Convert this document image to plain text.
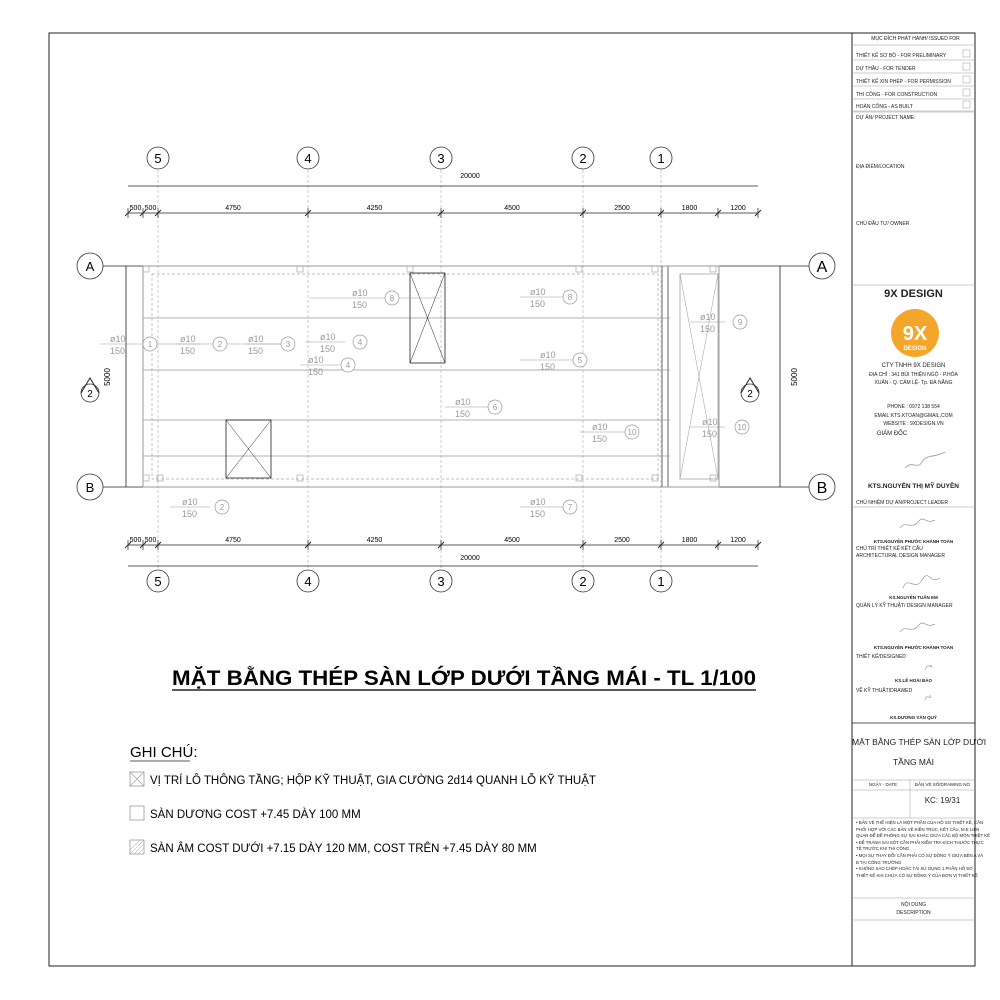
5	4	3	2	1
5	4	3	2	1
20000
500 500	4750	4250	4500	2500	1800	1200
500 500	4750	4250	4500	2500	1800	1200
20000
A	A
B	B
5000	5000
2	2
ø10
150
1
ø10
150
2
ø10
150
3
ø10
150
4
ø10
150
8
ø10
150
4
ø10
150
6
ø10
150
5
ø10
150
8
ø10
150
10
ø10
150
9
ø10
150
10
ø10
150
2
ø10
150
7
MẶT BẰNG THÉP SÀN LỚP DƯỚI TẦNG MÁI - TL 1/100
GHI CHÚ:
VỊ TRÍ LÔ THÔNG TẦNG; HỘP KỸ THUẬT, GIA CƯỜNG 2d14 QUANH LỖ KỸ THUẬT
SÀN DƯƠNG COST +7.45 DÀY 100 MM
SÀN ÂM COST DƯỚI +7.15 DÀY 120 MM, COST TRÊN +7.45 DÀY 80 MM
9X
DESIGN
MỤC ĐÍCH PHÁT HÀNH/ ISSUED FOR
THIẾT KẾ SƠ BỘ - FOR PRELIMINARY
DỰ THẦU - FOR TENDER
THIẾT KẾ XIN PHÉP - FOR PERMISSION
THI CÔNG - FOR CONSTRUCTION
HOÀN CÔNG - AS BUILT
DỰ ÁN/ PROJECT NAME:
ĐỊA ĐIỂM/LOCATION
CHỦ ĐẦU TƯ/ OWNER
9X DESIGN
CTY TNHH 9X DESIGN
ĐỊA CHỈ : 341 BÙI THIỆN NGỘ - P.HÒA
XUÂN - Q. CẨM LỆ- Tp. ĐÀ NẴNG
PHONE : 0972 138 554
EMAIL:KTS.KTOAN@GMAIL.COM
WEBSITE : 9XDESIGN.VN
GIÁM ĐỐC
KTS.NGUYỄN THỊ MỸ DUYÊN
CHỦ NHIỆM DỰ ÁN/PROJECT LEADER
KTS.NGUYỄN PHƯỚC KHÁNH TOÀN
CHỦ TRÌ THIẾT KẾ KẾT CẤU
ARCHITECTURAL DESIGN MANAGER
KS.NGUYỄN TUẤN EM
QUẢN LÝ KỸ THUẬT/ DESIGN MANAGER
KTS.NGUYỄN PHƯỚC KHÁNH TOÀN
THIẾT KẾ/DESIGNED
KS.LÊ HOÀI BẢO
VẼ KỸ THUẬT/DRAWED
KS.DƯƠNG VĂN QUÝ
MẶT BẰNG THÉP SÀN LỚP DƯỚI
TẦNG MÁI
NGÀY - DATE	BẢN VẼ SỐ/DRAWING NO
KC: 19/31
• BẢN VẼ THỂ HIỆN LÀ MỘT PHẦN CỦA HỒ SƠ THIẾT KẾ, CẦN
PHỐI HỢP VỚI CÁC BẢN VẼ KIẾN TRÚC, KẾT CẤU, M.E LIÊN
QUAN ĐỂ ĐỀ PHÒNG SỰ SAI KHÁC GIỮA CÁC BỘ MÔN THIẾT KẾ
• ĐỂ TRÁNH SAI SÓT CẦN PHẢI KIỂM TRA KÍCH THƯỚC THỰC
TẾ TRƯỚC KHI THI CÔNG
• MỌI SỰ THAY ĐỔI CẦN PHẢI CÓ SỰ ĐỒNG Ý GIỮA BÊN A VÀ
B TẠI CÔNG TRƯỜNG
• KHÔNG SAO CHÉP HOẶC TÁI SỬ DỤNG 1 PHẦN HỒ SƠ
THIẾT KẾ KHI CHƯA CÓ SỰ ĐỒNG Ý CỦA ĐƠN VỊ THIẾT KẾ
NỘI DUNG
DESCRIPTION
